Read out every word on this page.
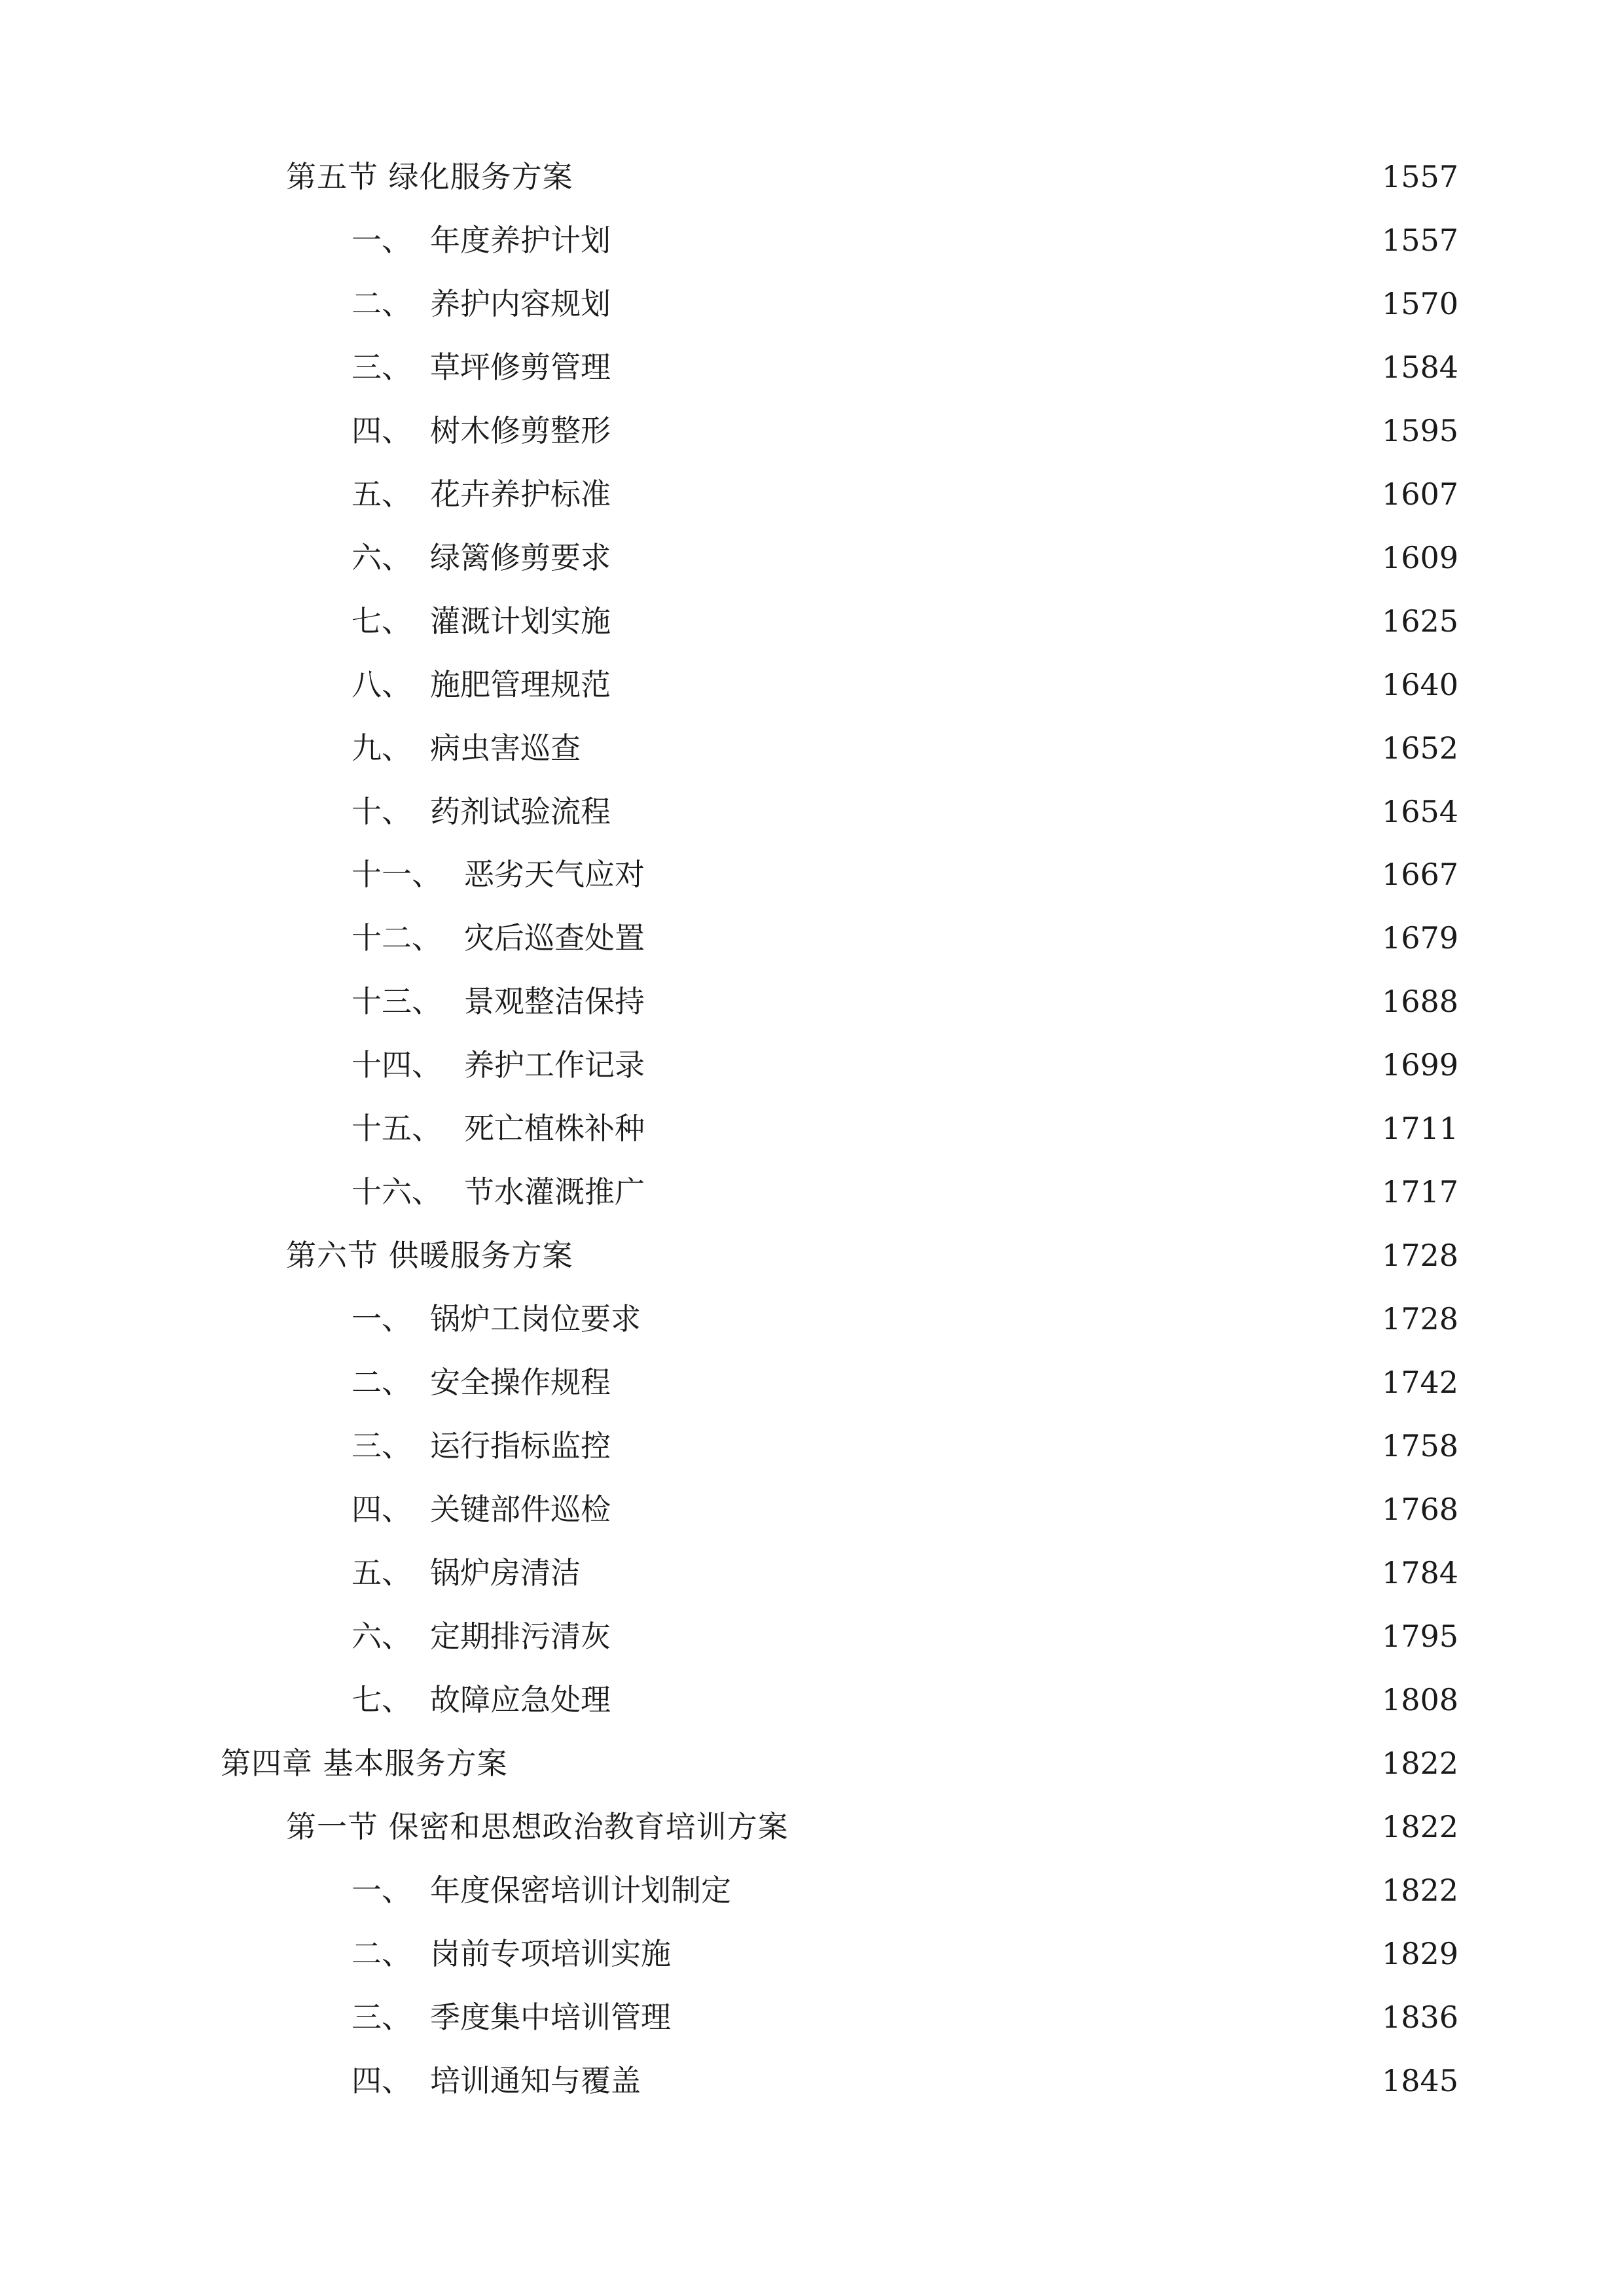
第五节 绿化服务方案	1557
一、 年度养护计划	1557
二、 养护内容规划	1570
三、 草坪修剪管理	1584
四、 树木修剪整形	1595
五、 花卉养护标准	1607
六、 绿篱修剪要求	1609
七、 灌溉计划实施	1625
八、 施肥管理规范	1640
九、 病虫害巡查	1652
十、 药剂试验流程	1654
十一、 恶劣天气应对	1667
十二、 灾后巡查处置	1679
十三、 景观整洁保持	1688
十四、 养护工作记录	1699
十五、 死亡植株补种	1711
十六、 节水灌溉推广	1717
第六节 供暖服务方案	1728
一、 锅炉工岗位要求	1728
二、 安全操作规程	1742
三、 运行指标监控	1758
四、 关键部件巡检	1768
五、 锅炉房清洁	1784
六、 定期排污清灰	1795
七、 故障应急处理	1808
第四章 基本服务方案	1822
第一节 保密和思想政治教育培训方案	1822
一、 年度保密培训计划制定	1822
二、 岗前专项培训实施	1829
三、 季度集中培训管理	1836
四、 培训通知与覆盖	1845
